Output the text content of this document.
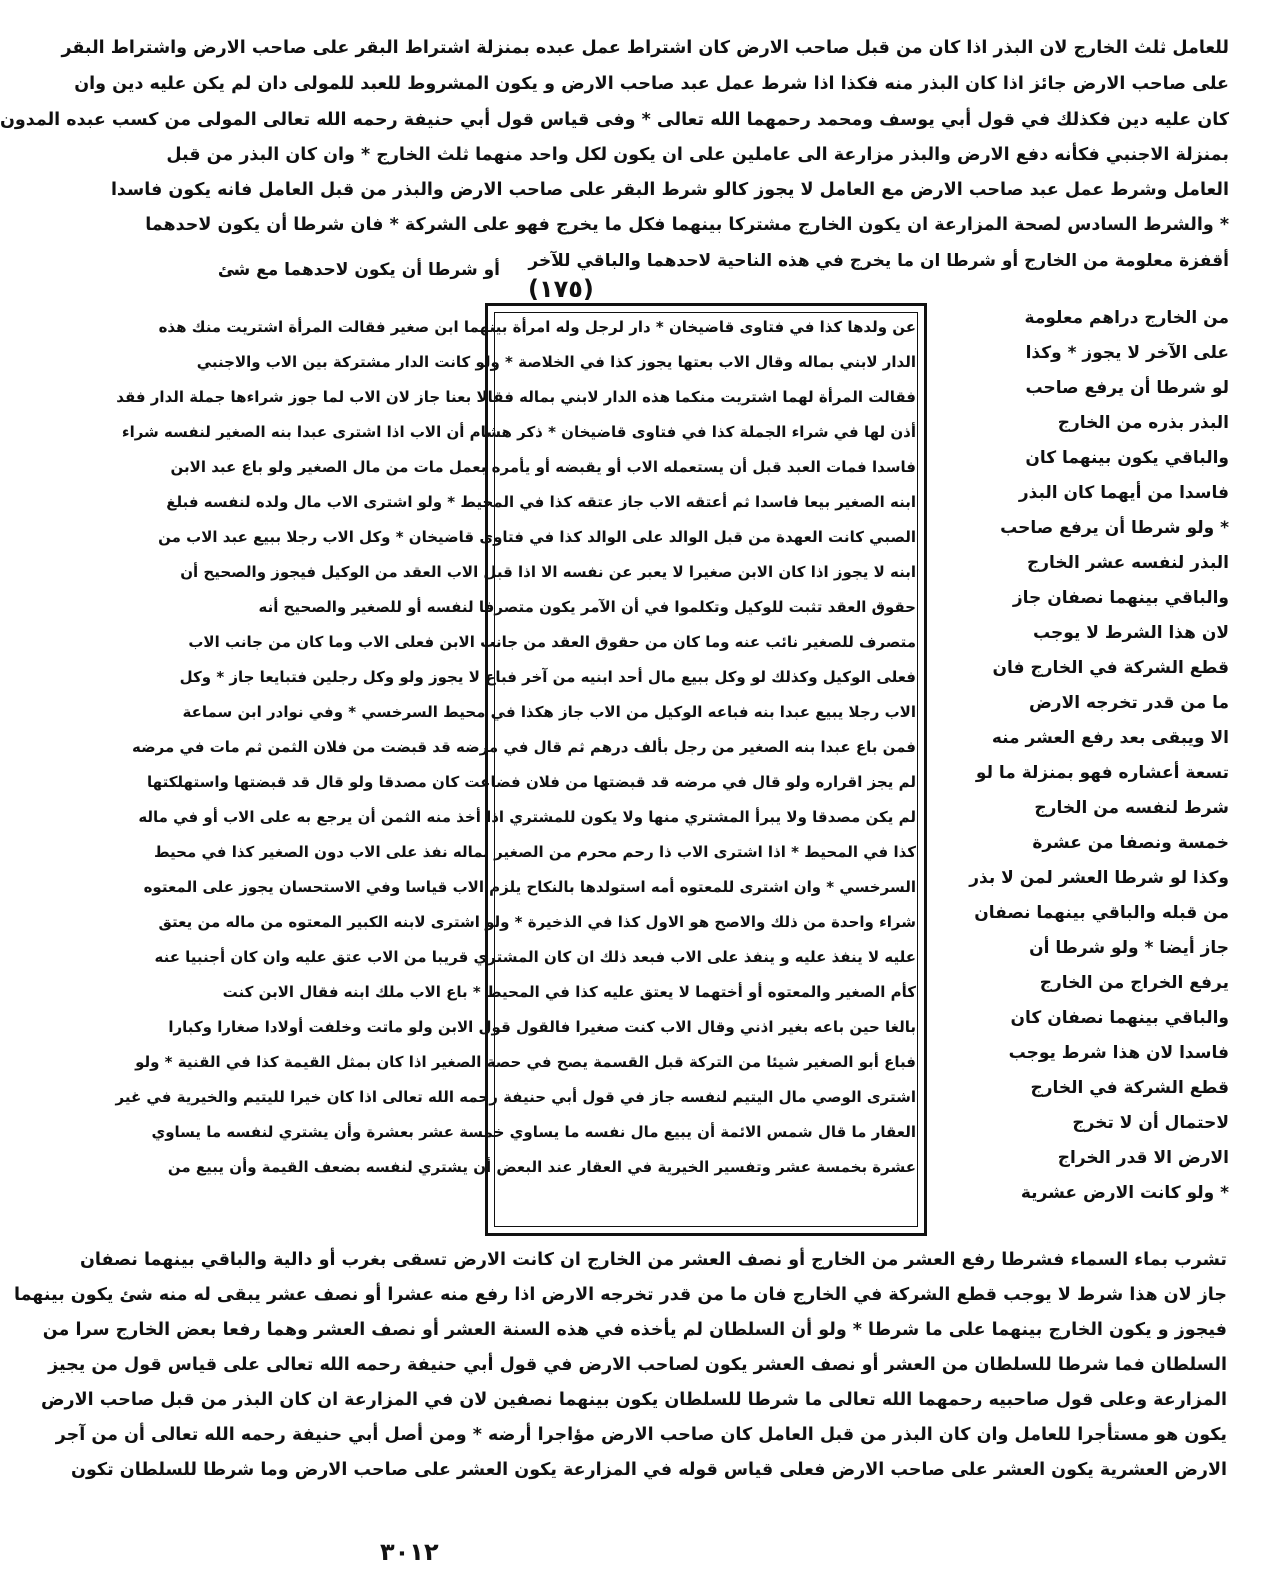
للعامل ثلث الخارج لان البذر اذا كان من قبل صاحب الارض كان اشتراط عمل عبده بمنزلة اشتراط البقر على صاحب الارض واشتراط البقر
على صاحب الارض جائز اذا كان البذر منه فكذا اذا شرط عمل عبد صاحب الارض و يكون المشروط للعبد للمولى دان لم يكن عليه دين وان
كان عليه دين فكذلك في قول أبي يوسف ومحمد رحمهما الله تعالى * وفى قياس قول أبي حنيفة رحمه الله تعالى المولى من كسب عبده المدون
بمنزلة الاجنبي فكأنه دفع الارض والبذر مزارعة الى عاملين على ان يكون لكل واحد منهما ثلث الخارج * وان كان البذر من قبل
العامل وشرط عمل عبد صاحب الارض مع العامل لا يجوز كالو شرط البقر على صاحب الارض والبذر من قبل العامل فانه يكون فاسدا
* والشرط السادس لصحة المزارعة ان يكون الخارج مشتركا بينهما فكل ما يخرج فهو على الشركة * فان شرطا أن يكون لاحدهما
أقفزة معلومة من الخارج أو شرطا ان ما يخرج في هذه الناحية لاحدهما والباقي للآخر
(١٧٥)
أو شرطا أن يكون لاحدهما مع شئ
من الخارج دراهم معلومة
على الآخر لا يجوز * وكذا
لو شرطا أن يرفع صاحب
البذر بذره من الخارج
والباقي يكون بينهما كان
فاسدا من أيهما كان البذر
* ولو شرطا أن يرفع صاحب
البذر لنفسه عشر الخارج
والباقي بينهما نصفان جاز
لان هذا الشرط لا يوجب
قطع الشركة في الخارج فان
ما من قدر تخرجه الارض
الا ويبقى بعد رفع العشر منه
تسعة أعشاره فهو بمنزلة ما لو
شرط لنفسه من الخارج
خمسة ونصفا من عشرة
وكذا لو شرطا العشر لمن لا بذر
من قبله والباقي بينهما نصفان
جاز أيضا * ولو شرطا أن
يرفع الخراج من الخارج
والباقي بينهما نصفان كان
فاسدا لان هذا شرط يوجب
قطع الشركة في الخارج
لاحتمال أن لا تخرج
الارض الا قدر الخراج
* ولو كانت الارض عشرية
عن ولدها كذا في فتاوى قاضيخان * دار لرجل وله امرأة بينهما ابن صغير فقالت المرأة اشتريت منك هذه
الدار لابني بماله وقال الاب بعتها يجوز كذا في الخلاصة * ولو كانت الدار مشتركة بين الاب والاجنبي
فقالت المرأة لهما اشتريت منكما هذه الدار لابني بماله فقالا بعنا جاز لان الاب لما جوز شراءها جملة الدار فقد
أذن لها في شراء الجملة كذا في فتاوى قاضيخان * ذكر هشام أن الاب اذا اشترى عبدا بنه الصغير لنفسه شراء
فاسدا فمات العبد قبل أن يستعمله الاب أو يقبضه أو يأمره بعمل مات من مال الصغير ولو باع عبد الابن
ابنه الصغير بيعا فاسدا ثم أعتقه الاب جاز عتقه كذا في المحيط * ولو اشترى الاب مال ولده لنفسه فبلغ
الصبي كانت العهدة من قبل الوالد على الوالد كذا في فتاوى قاضيخان * وكل الاب رجلا ببيع عبد الاب من
ابنه لا يجوز اذا كان الابن صغيرا لا يعبر عن نفسه الا اذا قبل الاب العقد من الوكيل فيجوز والصحيح أن
حقوق العقد تثبت للوكيل وتكلموا في أن الآمر يكون متصرفا لنفسه أو للصغير والصحيح أنه
متصرف للصغير نائب عنه وما كان من حقوق العقد من جانب الابن فعلى الاب وما كان من جانب الاب
فعلى الوكيل وكذلك لو وكل ببيع مال أحد ابنيه من آخر فباع لا يجوز ولو وكل رجلين فتبايعا جاز * وكل
الاب رجلا يبيع عبدا بنه فباعه الوكيل من الاب جاز هكذا في محيط السرخسي * وفي نوادر ابن سماعة
فمن باع عبدا بنه الصغير من رجل بألف درهم ثم قال في مرضه قد قبضت من فلان الثمن ثم مات في مرضه
لم يجز اقراره ولو قال في مرضه قد قبضتها من فلان فضاعت كان مصدقا ولو قال قد قبضتها واستهلكتها
لم يكن مصدقا ولا يبرأ المشتري منها ولا يكون للمشتري اذا أخذ منه الثمن أن يرجع به على الاب أو في ماله
كذا في المحيط * اذا اشترى الاب ذا رحم محرم من الصغير بماله نفذ على الاب دون الصغير كذا في محيط
السرخسي * وان اشترى للمعتوه أمه استولدها بالنكاح يلزم الاب قياسا وفي الاستحسان يجوز على المعتوه
شراء واحدة من ذلك والاصح هو الاول كذا في الذخيرة * ولو اشترى لابنه الكبير المعتوه من ماله من يعتق
عليه لا ينفذ عليه و ينفذ على الاب فبعد ذلك ان كان المشتري قريبا من الاب عتق عليه وان كان أجنبيا عنه
كأم الصغير والمعتوه أو أختهما لا يعتق عليه كذا في المحيط * باع الاب ملك ابنه فقال الابن كنت
بالغا حين باعه بغير اذني وقال الاب كنت صغيرا فالقول قول الابن ولو ماتت وخلفت أولادا صغارا وكبارا
فباع أبو الصغير شيئا من التركة قبل القسمة يصح في حصة الصغير اذا كان بمثل القيمة كذا في القنية * ولو
اشترى الوصي مال اليتيم لنفسه جاز في قول أبي حنيفة رحمه الله تعالى اذا كان خيرا لليتيم والخيرية في غير
العقار ما قال شمس الائمة أن يبيع مال نفسه ما يساوي خمسة عشر بعشرة وأن يشتري لنفسه ما يساوي
عشرة بخمسة عشر وتفسير الخيرية في العقار عند البعض أن يشتري لنفسه بضعف القيمة وأن يبيع من
تشرب بماء السماء فشرطا رفع العشر من الخارج أو نصف العشر من الخارج ان كانت الارض تسقى بغرب أو دالية والباقي بينهما نصفان
جاز لان هذا شرط لا يوجب قطع الشركة في الخارج فان ما من قدر تخرجه الارض اذا رفع منه عشرا أو نصف عشر يبقى له منه شئ يكون بينهما
فيجوز و يكون الخارج بينهما على ما شرطا * ولو أن السلطان لم يأخذه في هذه السنة العشر أو نصف العشر وهما رفعا بعض الخارج سرا من
السلطان فما شرطا للسلطان من العشر أو نصف العشر يكون لصاحب الارض في قول أبي حنيفة رحمه الله تعالى على قياس قول من يجيز
المزارعة وعلى قول صاحبيه رحمهما الله تعالى ما شرطا للسلطان يكون بينهما نصفين لان في المزارعة ان كان البذر من قبل صاحب الارض
يكون هو مستأجرا للعامل وان كان البذر من قبل العامل كان صاحب الارض مؤاجرا أرضه * ومن أصل أبي حنيفة رحمه الله تعالى أن من آجر
الارض العشرية يكون العشر على صاحب الارض فعلى قياس قوله في المزارعة يكون العشر على صاحب الارض وما شرطا للسلطان تكون
٣٠١٢
